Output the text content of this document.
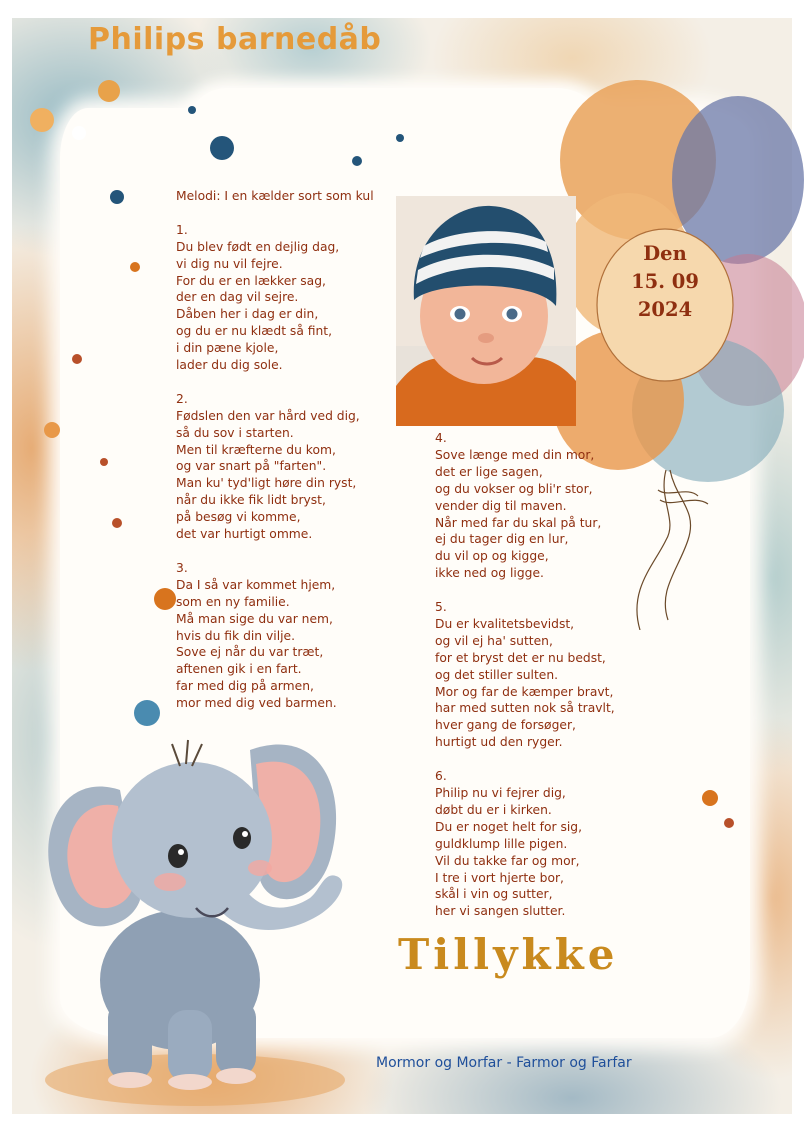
Philips barnedåb
Den
15. 09
2024
Melodi: I en kælder sort som kul
1.
Du blev født en dejlig dag,
vi dig nu vil fejre.
For du er en lækker sag,
der en dag vil sejre.
Dåben her i dag er din,
og du er nu klædt så fint,
i din pæne kjole,
lader du dig sole.
2.
Fødslen den var hård ved dig,
så du sov i starten.
Men til kræfterne du kom,
og var snart på "farten".
Man ku' tyd'ligt høre din ryst,
når du ikke fik lidt bryst,
på besøg vi komme,
det var hurtigt omme.
3.
Da I så var kommet hjem,
som en ny familie.
Må man sige du var nem,
hvis du fik din vilje.
Sove ej når du var træt,
aftenen gik i en fart.
far med dig på armen,
mor med dig ved barmen.
4.
Sove længe med din mor,
det er lige sagen,
og du vokser og bli'r stor,
vender dig til maven.
Når med far du skal på tur,
ej du tager dig en lur,
du vil op og kigge,
ikke ned og ligge.
5.
Du er kvalitetsbevidst,
og vil ej ha' sutten,
for et bryst det er nu bedst,
og det stiller sulten.
Mor og far de kæmper bravt,
har med sutten nok så travlt,
hver gang de forsøger,
hurtigt ud den ryger.
6.
Philip nu vi fejrer dig,
døbt du er i kirken.
Du er noget helt for sig,
guldklump lille pigen.
Vil du takke far og mor,
I tre i vort hjerte bor,
skål i vin og sutter,
her vi sangen slutter.
Tillykke

Mormor og Morfar - Farmor og Farfar
